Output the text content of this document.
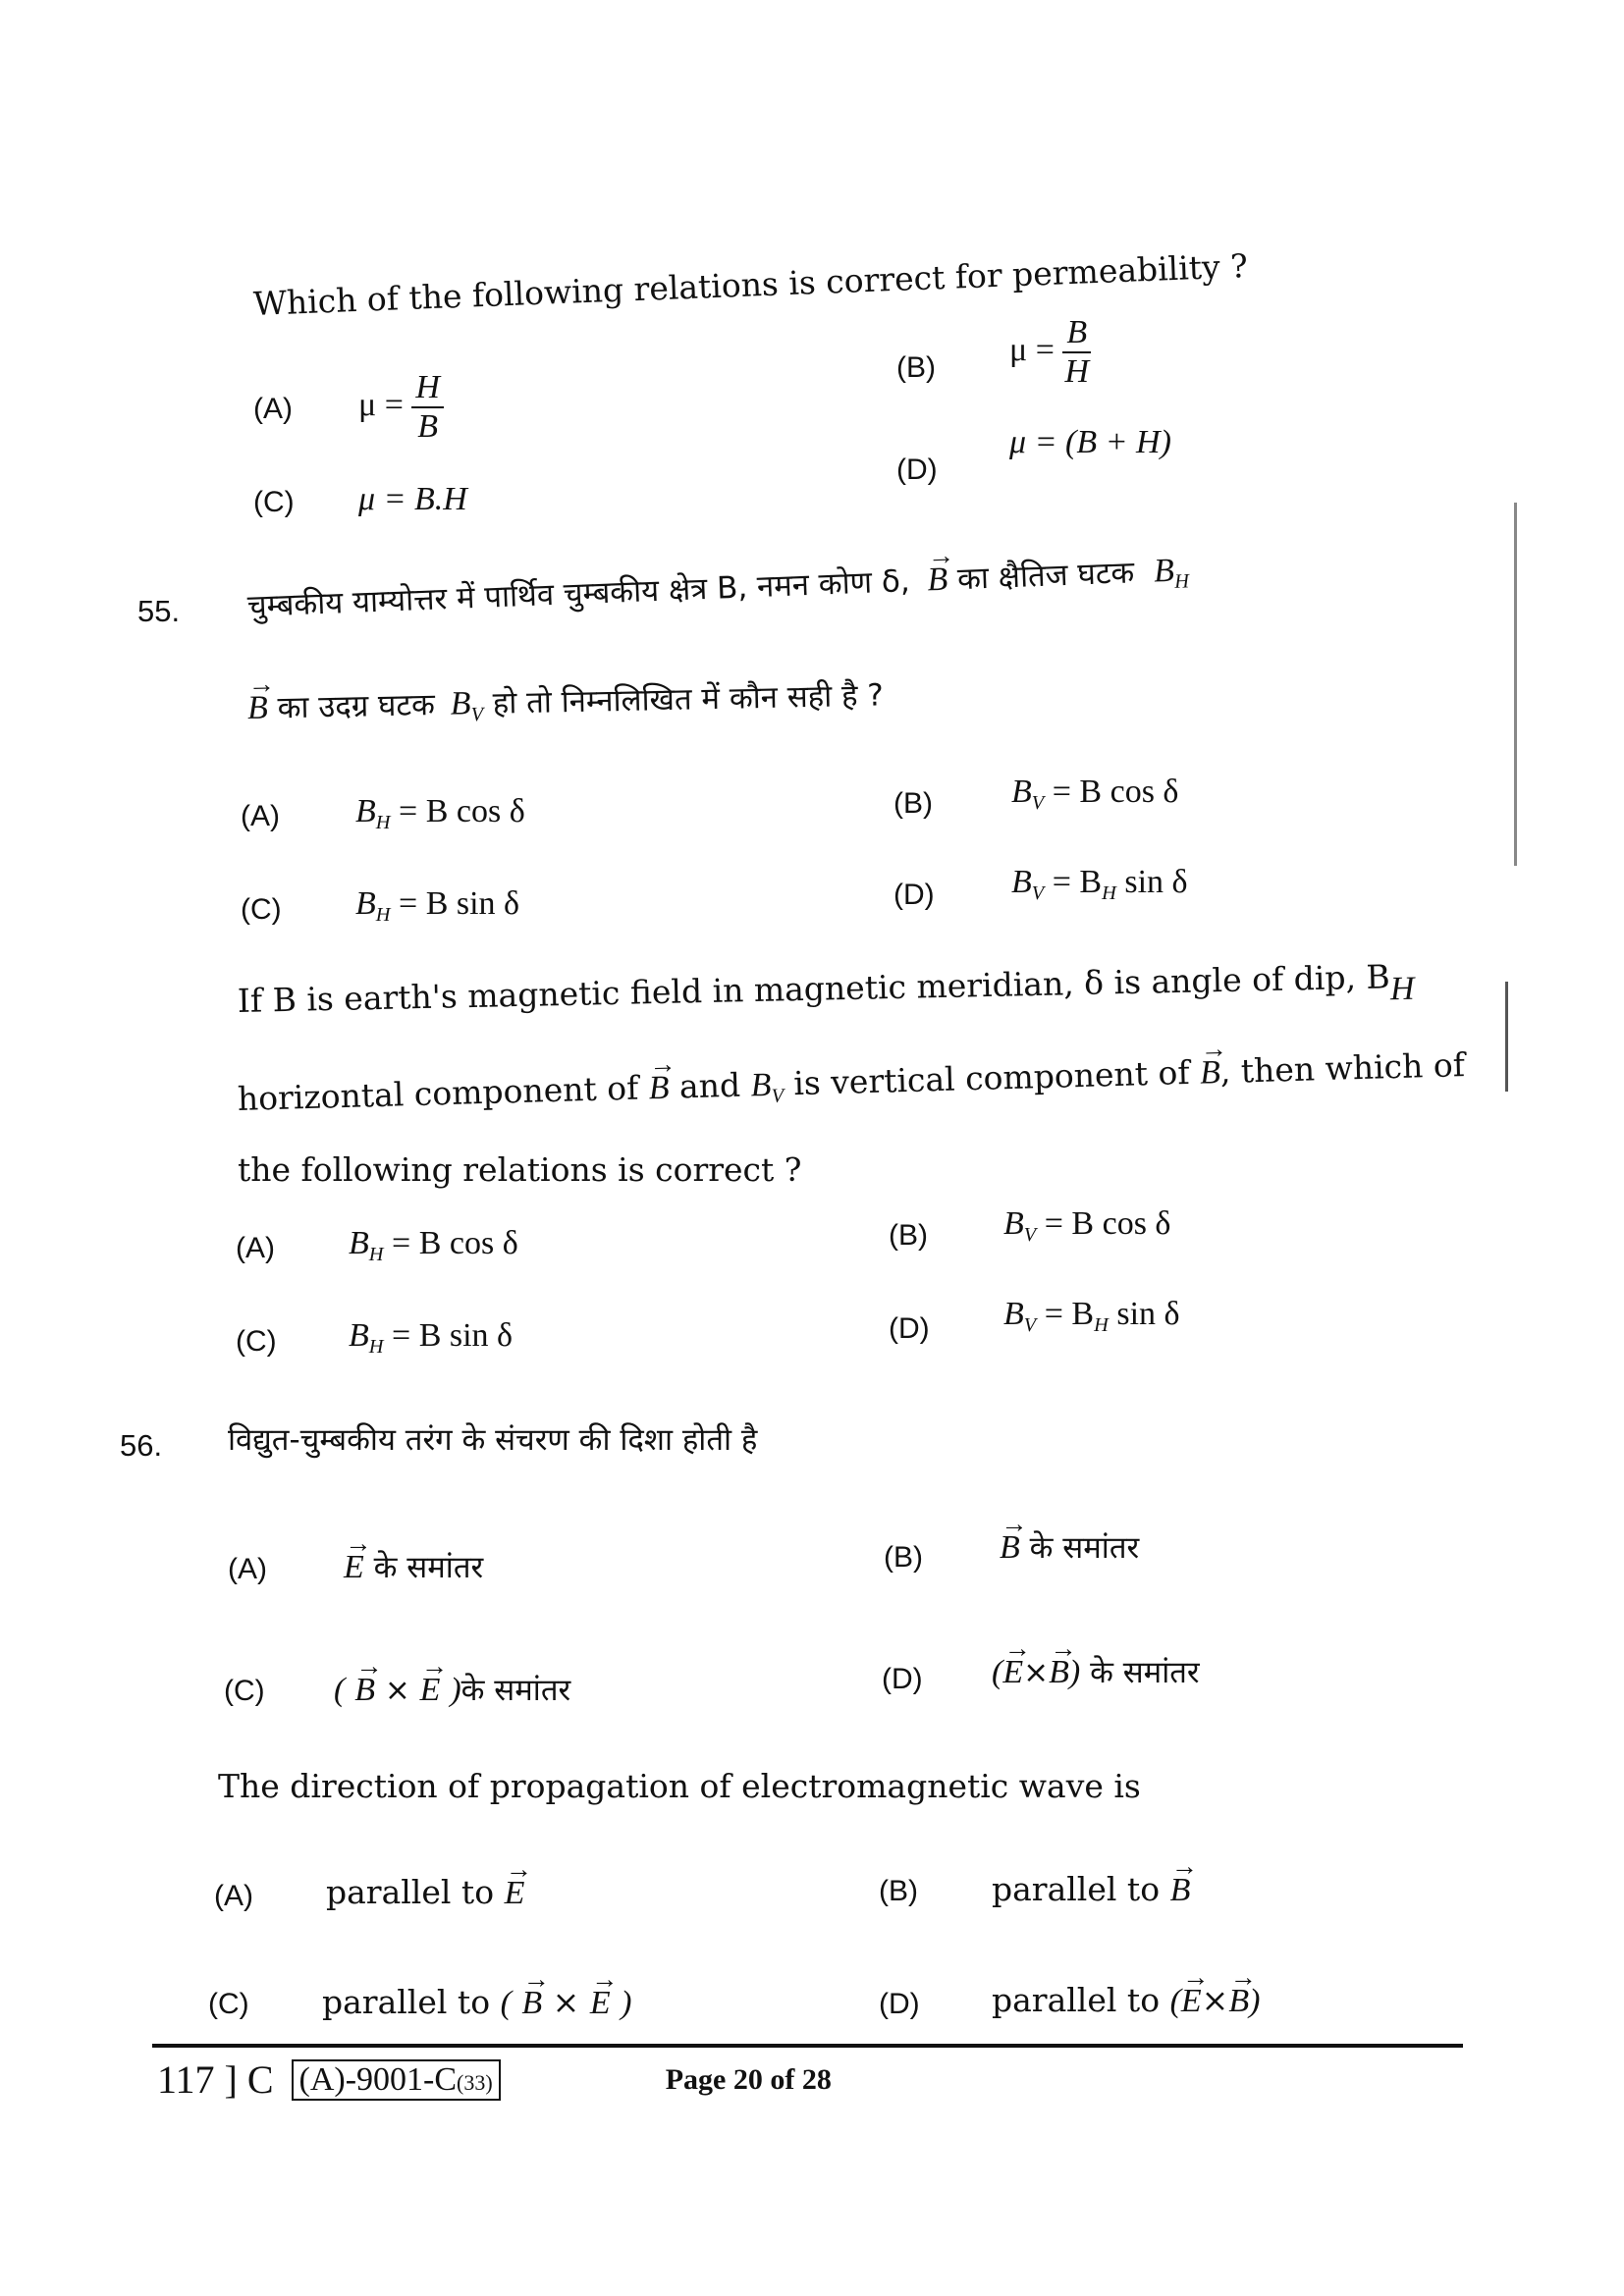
Which of the following relations is correct for permeability ?
(A) $\mu = \frac{H}{B}$
(B) $\mu = \frac{B}{H}$
(C) μ = B.H
(D)
μ = (B + H)
55. चुम्बकीय याम्योत्तर में पार्थिव चुम्बकीय क्षेत्र B, नमन कोण δ, → B का क्षैतिज घटक $B_H$
→ B का उदग्र घटक $B_V$ हो तो निम्नलिखित में कौन सही है ?
(A) $B_H = B$ cos δ	(B) $B_V = B$ cos δ
(C) $B_H = B$ sin δ	(D) $B_V = B_H$ sin δ
If B is earth's magnetic field in magnetic meridian, δ is angle of dip, $B_H$
horizontal component of → B and $B_V$ is vertical component of → B, then which of
the following relations is correct ?
(A) $B_H = B$ cos δ	(B) $B_V = B$ cos δ
(C) $B_H = B$ sin δ	(D) $B_V = B_H$ sin δ
56. विद्युत-चुम्बकीय तरंग के संचरण की दिशा होती है
(A) → E के समांतर	(B) → B के समांतर
(C) ( → B × → E )के समांतर	(D) (→ E×→ B) के समांतर
The direction of propagation of electromagnetic wave is
(A) parallel to → E	(B) parallel to → B
(C) parallel to ( → B × → E )	(D) parallel to (→ E×→ B)
117 ] C (A)-9001-C(33)	Page 20 of 28
